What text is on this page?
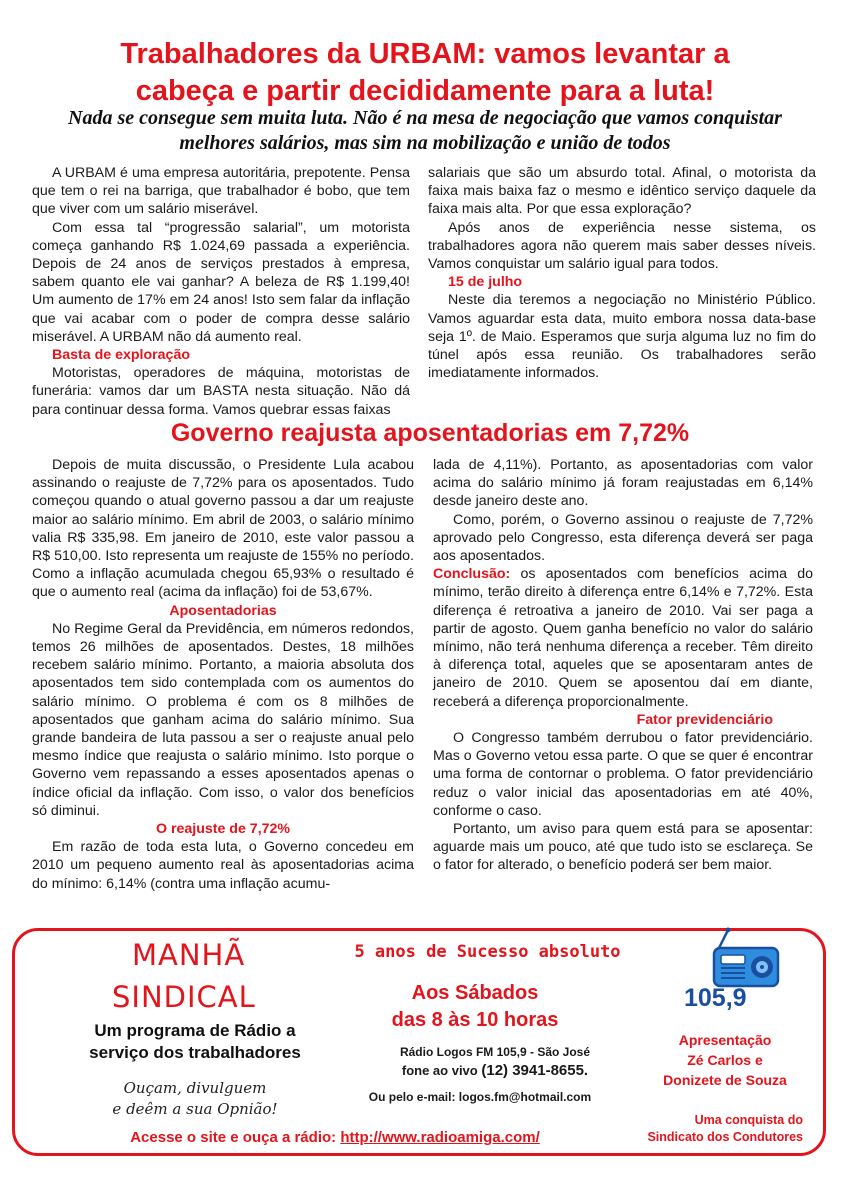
Trabalhadores da URBAM: vamos levantar a
cabeça e partir decididamente para a luta!
Nada se consegue sem muita luta. Não é na mesa de negociação que vamos conquistar
melhores salários, mas sim na mobilização e união de todos

A URBAM é uma empresa autoritária, prepotente. Pensa que tem o rei na barriga, que trabalhador é bobo, que tem que viver com um salário miserável.

Com essa tal “progressão salarial”, um motorista começa ganhando R$ 1.024,69 passada a experiência. Depois de 24 anos de serviços prestados à empresa, sabem quanto ele vai ganhar? A beleza de R$ 1.199,40! Um aumento de 17% em 24 anos! Isto sem falar da inflação que vai acabar com o poder de compra desse salário miserável. A URBAM não dá aumento real.

Basta de exploração

Motoristas, operadores de máquina, motoristas de funerária: vamos dar um BASTA nesta situação. Não dá para continuar dessa forma. Vamos quebrar essas faixas

salariais que são um absurdo total. Afinal, o motorista da faixa mais baixa faz o mesmo e idêntico serviço daquele da faixa mais alta. Por que essa exploração?

Após anos de experiência nesse sistema, os trabalhadores agora não querem mais saber desses níveis. Vamos conquistar um salário igual para todos.

15 de julho

Neste dia teremos a negociação no Ministério Público. Vamos aguardar esta data, muito embora nossa data-base seja 1º. de Maio. Esperamos que surja alguma luz no fim do túnel após essa reunião. Os trabalhadores serão imediatamente informados.

Governo reajusta aposentadorias em 7,72%

Depois de muita discussão, o Presidente Lula acabou assinando o reajuste de 7,72% para os aposentados. Tudo começou quando o atual governo passou a dar um reajuste maior ao salário mínimo. Em abril de 2003, o salário mínimo valia R$ 335,98. Em janeiro de 2010, este valor passou a R$ 510,00. Isto representa um reajuste de 155% no período. Como a inflação acumulada chegou 65,93% o resultado é que o aumento real (acima da inflação) foi de 53,67%.

Aposentadorias

No Regime Geral da Previdência, em números redondos, temos 26 milhões de aposentados. Destes, 18 milhões recebem salário mínimo. Portanto, a maioria absoluta dos aposentados tem sido contemplada com os aumentos do salário mínimo. O problema é com os 8 milhões de aposentados que ganham acima do salário mínimo. Sua grande bandeira de luta passou a ser o reajuste anual pelo mesmo índice que reajusta o salário mínimo. Isto porque o Governo vem repassando a esses aposentados apenas o índice oficial da inflação. Com isso, o valor dos benefícios só diminui.

O reajuste de 7,72%

Em razão de toda esta luta, o Governo concedeu em 2010 um pequeno aumento real às aposentadorias acima do mínimo: 6,14% (contra uma inflação acumu-

lada de 4,11%). Portanto, as aposentadorias com valor acima do salário mínimo já foram reajustadas em 6,14% desde janeiro deste ano.

Como, porém, o Governo assinou o reajuste de 7,72% aprovado pelo Congresso, esta diferença deverá ser paga aos aposentados.

Conclusão: os aposentados com benefícios acima do mínimo, terão direito à diferença entre 6,14% e 7,72%. Esta diferença é retroativa a janeiro de 2010. Vai ser paga a partir de agosto. Quem ganha benefício no valor do salário mínimo, não terá nenhuma diferença a receber. Têm direito à diferença total, aqueles que se aposentaram antes de janeiro de 2010. Quem se aposentou daí em diante, receberá a diferença proporcionalmente.

Fator previdenciário

O Congresso também derrubou o fator previdenciário. Mas o Governo vetou essa parte. O que se quer é encontrar uma forma de contornar o problema. O fator previdenciário reduz o valor inicial das aposentadorias em até 40%, conforme o caso.

Portanto, um aviso para quem está para se aposentar: aguarde mais um pouco, até que tudo isto se esclareça. Se o fator for alterado, o benefício poderá ser bem maior.

MANHÃ
SINDICAL
Um programa de Rádio a
serviço dos trabalhadores
Ouçam, divulguem
e deêm a sua Opnião!
5 anos de Sucesso absoluto
Aos Sábados
das 8 às 10 horas
Rádio Logos FM 105,9 - São José
fone ao vivo (12) 3941-8655.
Ou pelo e-mail: logos.fm@hotmail.com
Acesse o site e ouça a rádio: http://www.radioamiga.com/
105,9
Apresentação
Zé Carlos e
Donizete de Souza
Uma conquista do
Sindicato dos Condutores
